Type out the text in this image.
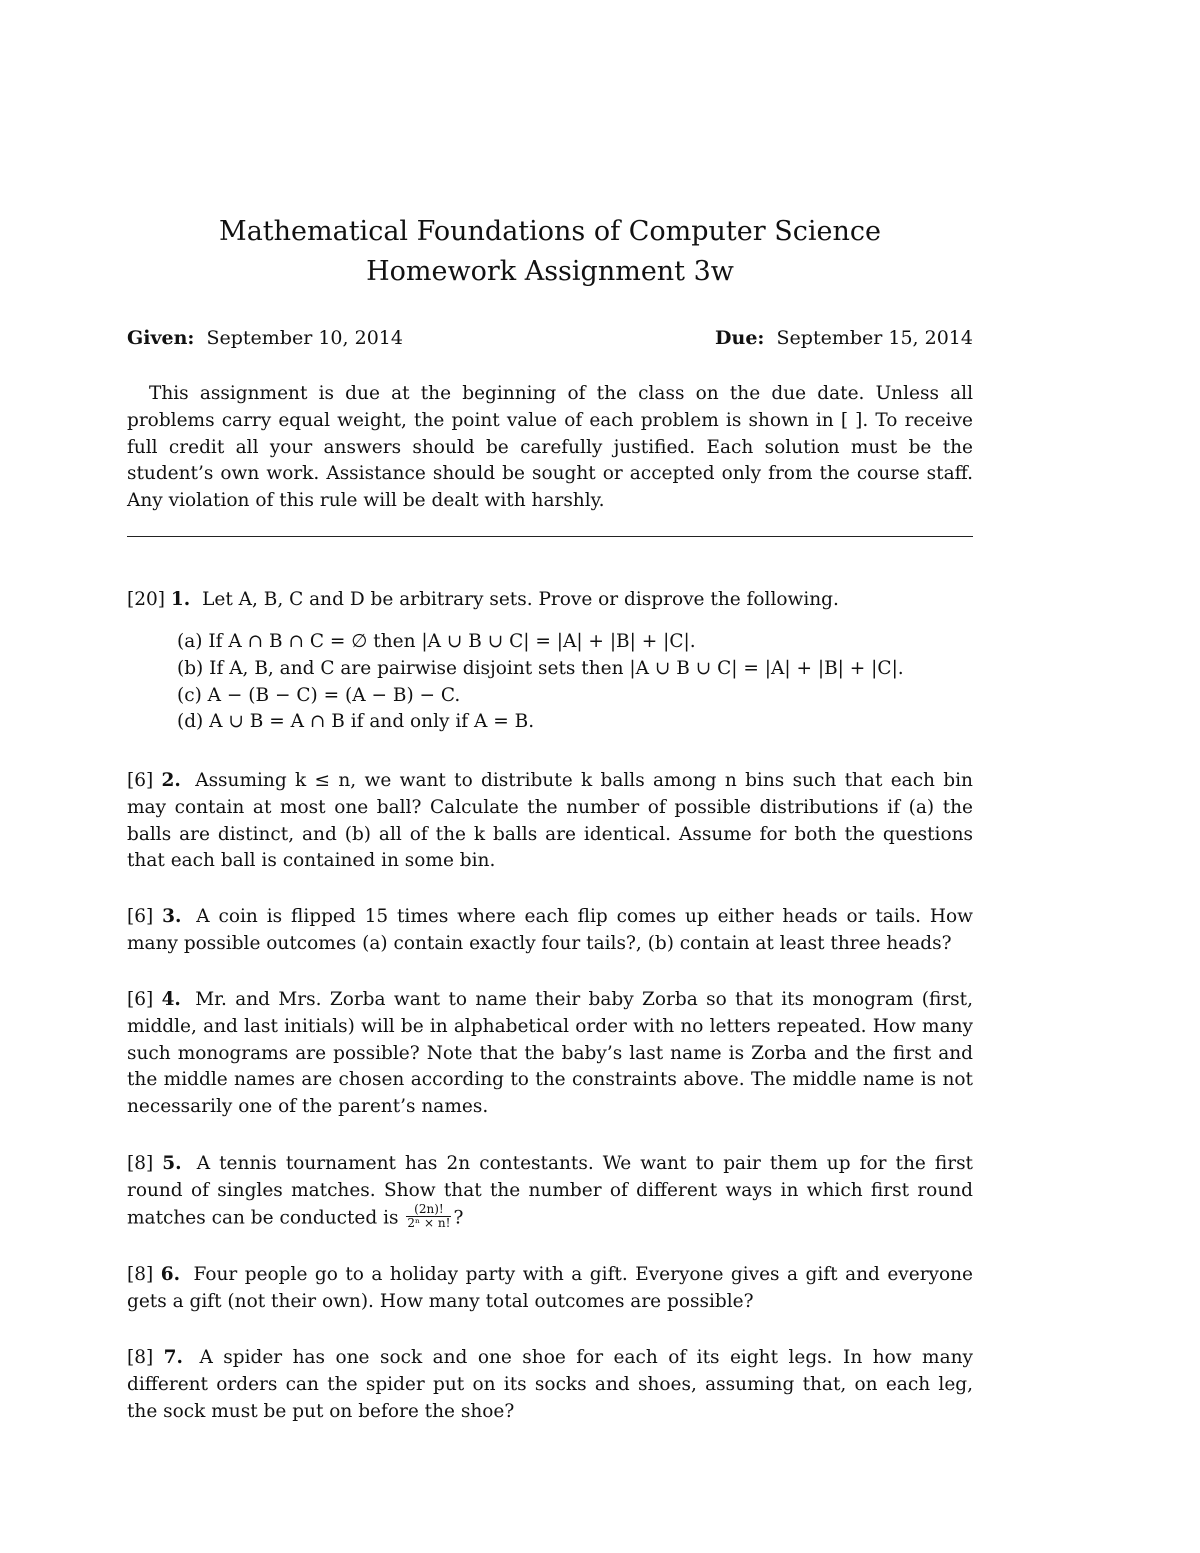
Mathematical Foundations of Computer Science
Homework Assignment 3w
Given: September 10, 2014	Due: September 15, 2014

This assignment is due at the beginning of the class on the due date. Unless all problems carry equal weight, the point value of each problem is shown in [ ]. To receive full credit all your answers should be carefully justified. Each solution must be the student’s own work. Assistance should be sought or accepted only from the course staff. Any violation of this rule will be dealt with harshly.

[20] 1. Let A, B, C and D be arbitrary sets. Prove or disprove the following.

(a) If A ∩ B ∩ C = ∅ then |A ∪ B ∪ C| = |A| + |B| + |C|.
(b) If A, B, and C are pairwise disjoint sets then |A ∪ B ∪ C| = |A| + |B| + |C|.
(c) A − (B − C) = (A − B) − C.
(d) A ∪ B = A ∩ B if and only if A = B.

[6] 2. Assuming k ≤ n, we want to distribute k balls among n bins such that each bin may contain at most one ball? Calculate the number of possible distributions if (a) the balls are distinct, and (b) all of the k balls are identical. Assume for both the questions that each ball is contained in some bin.

[6] 3. A coin is flipped 15 times where each flip comes up either heads or tails. How many possible outcomes (a) contain exactly four tails?, (b) contain at least three heads?

[6] 4. Mr. and Mrs. Zorba want to name their baby Zorba so that its monogram (first, middle, and last initials) will be in alphabetical order with no letters repeated. How many such monograms are possible? Note that the baby’s last name is Zorba and the first and the middle names are chosen according to the constraints above. The middle name is not necessarily one of the parent’s names.

[8] 5. A tennis tournament has 2n contestants. We want to pair them up for the first round of singles matches. Show that the number of different ways in which first round matches can be conducted is $\frac{(2n)!}{\text{2ⁿ × n!}}$ ?

[8] 6. Four people go to a holiday party with a gift. Everyone gives a gift and everyone gets a gift (not their own). How many total outcomes are possible?

[8] 7. A spider has one sock and one shoe for each of its eight legs. In how many different orders can the spider put on its socks and shoes, assuming that, on each leg, the sock must be put on before the shoe?
